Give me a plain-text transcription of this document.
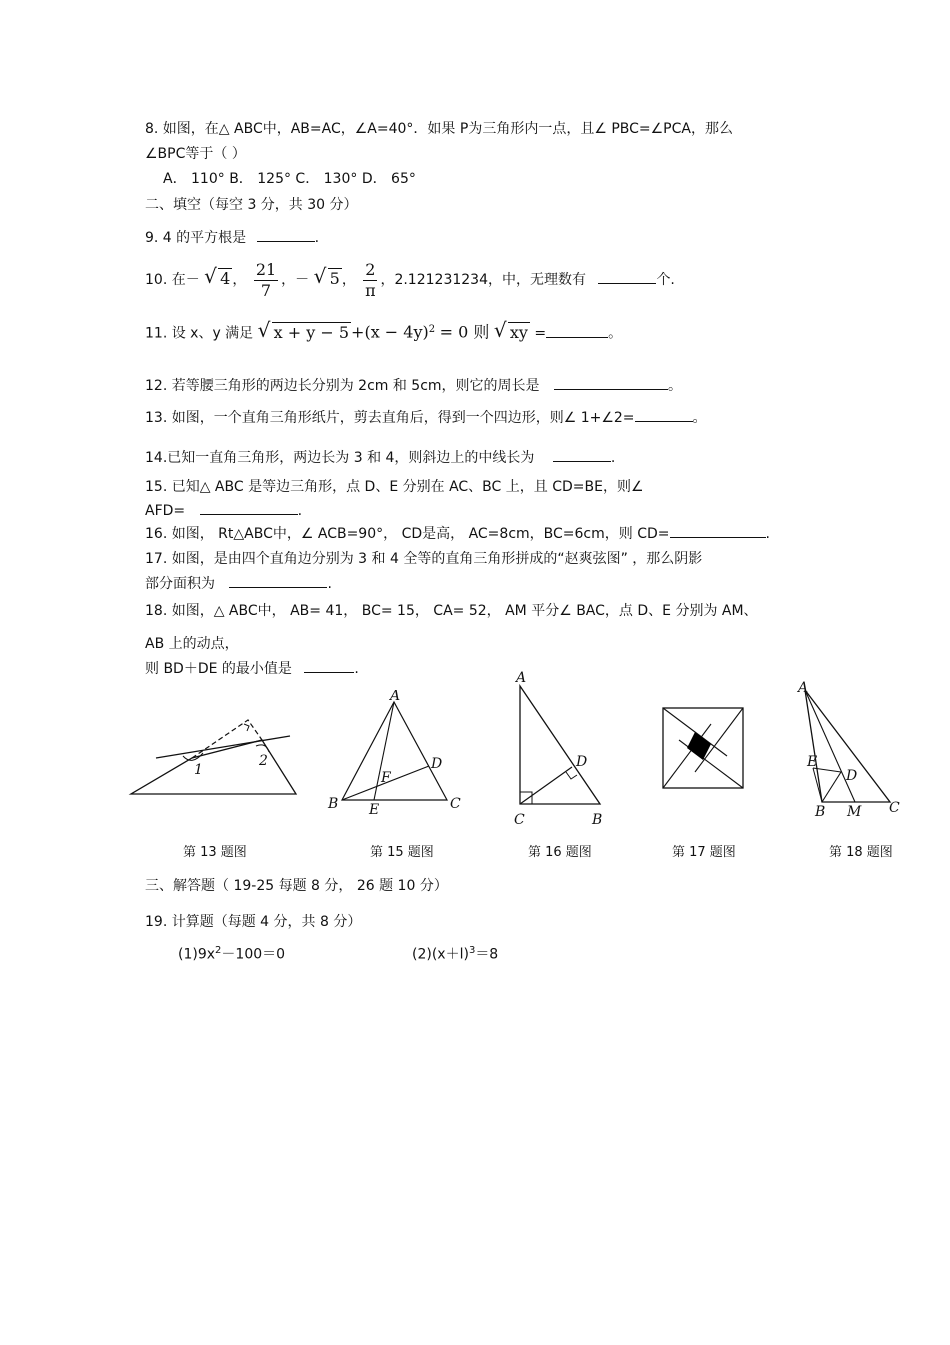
8. 如图，在△ ABC中，AB=AC，∠A=40°．如果 P为三角形内一点，且∠ PBC=∠PCA，那么
∠BPC等于（ ）
A． 110° B． 125° C． 130° D． 65°
二、填空（每空 3 分，共 30 分）
9. 4 的平方根是	.
10. 在－ √ 4 ， $\frac{21}{7}$ ，－ √ 5 ， $\frac{2}{\pi}$ ，2.121231234，中，无理数有	个.
11. 设 x、y 满足 √ $x + y - 5 +(x - 4y)^2 = 0$ 则 √ xy =	。
12. 若等腰三角形的两边长分别为 2cm 和 5cm，则它的周长是	。
13. 如图，一个直角三角形纸片，剪去直角后，得到一个四边形，则∠ 1+∠2=	。
14.已知一直角三角形，两边长为 3 和 4，则斜边上的中线长为	.
15. 已知△ ABC 是等边三角形，点 D、E 分别在 AC、BC 上，且 CD=BE，则∠
AFD=	.
16. 如图， Rt△ABC中，∠ ACB=90°， CD是高， AC=8cm，BC=6cm，则 CD=	.
17. 如图，是由四个直角边分别为 3 和 4 全等的直角三角形拼成的“赵爽弦图” ，那么阴影
部分面积为	.
18. 如图，△ ABC中， AB= 41， BC= 15， CA= 52， AM 平分∠ BAC，点 D、E 分别为 AM、
AB 上的动点，
则 BD＋DE 的最小值是	.
1
2
第 13 题图
A
B	C
D
E
F
第 15 题图
A
C	B
D
第 16 题图	第 17 题图
A
E
D
B M C
第 18 题图
三、解答题（ 19-25 每题 8 分， 26 题 10 分）
19. 计算题（每题 4 分，共 8 分）
$(1)9x^2-100=0$	$(2)(x+l)^3=8$
